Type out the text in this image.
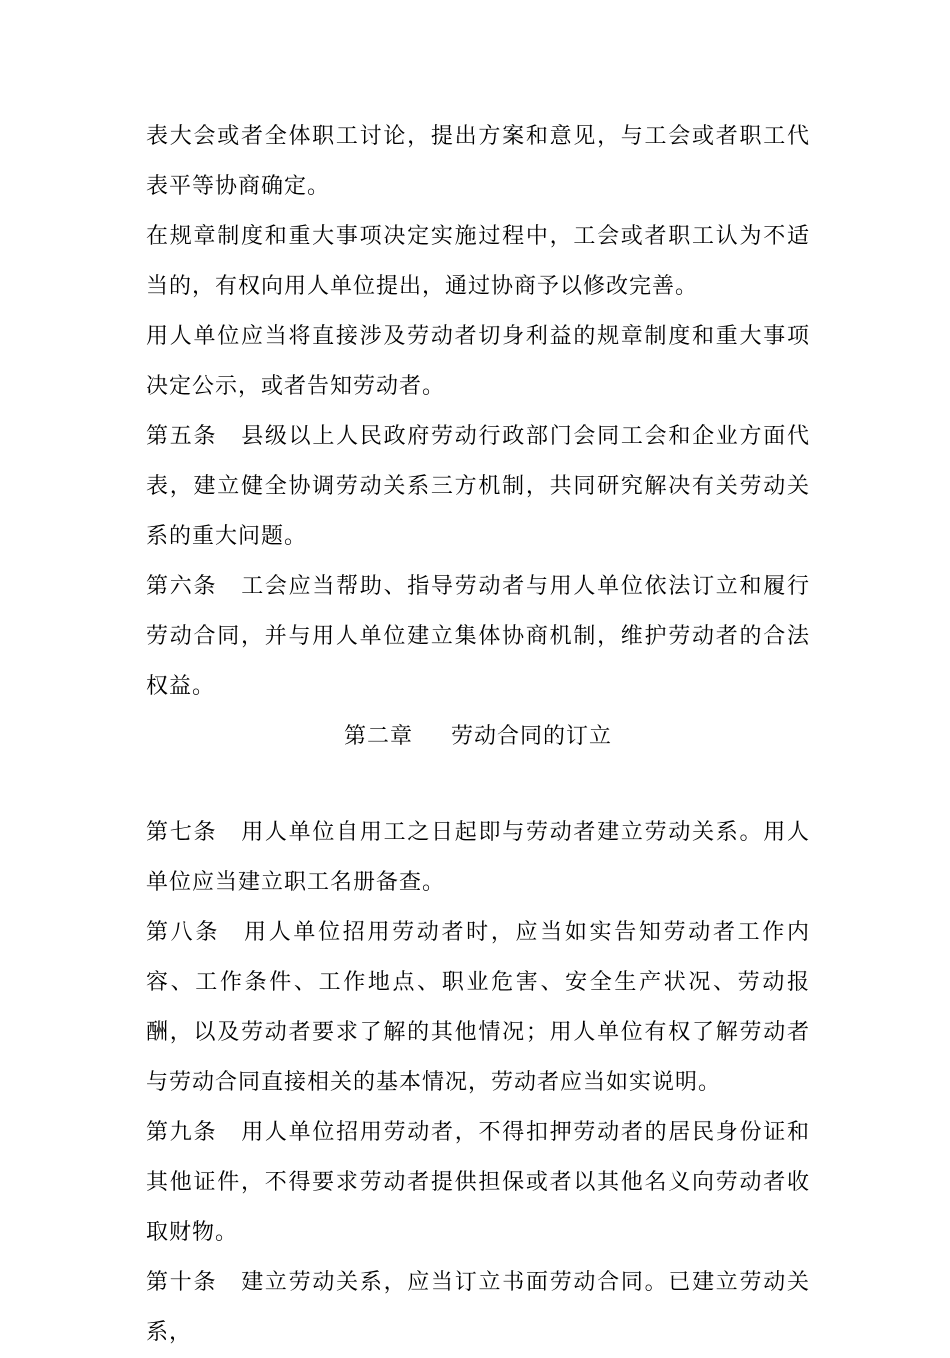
表大会或者全体职工讨论，提出方案和意见，与工会或者职工代表平等协商确定。

在规章制度和重大事项决定实施过程中，工会或者职工认为不适当的，有权向用人单位提出，通过协商予以修改完善。

用人单位应当将直接涉及劳动者切身利益的规章制度和重大事项决定公示，或者告知劳动者。

第五条 县级以上人民政府劳动行政部门会同工会和企业方面代表，建立健全协调劳动关系三方机制，共同研究解决有关劳动关系的重大问题。

第六条 工会应当帮助、指导劳动者与用人单位依法订立和履行劳动合同，并与用人单位建立集体协商机制，维护劳动者的合法权益。

第二章 劳动合同的订立

第七条 用人单位自用工之日起即与劳动者建立劳动关系。用人单位应当建立职工名册备查。

第八条 用人单位招用劳动者时，应当如实告知劳动者工作内容、工作条件、工作地点、职业危害、安全生产状况、劳动报酬，以及劳动者要求了解的其他情况；用人单位有权了解劳动者与劳动合同直接相关的基本情况，劳动者应当如实说明。

第九条 用人单位招用劳动者，不得扣押劳动者的居民身份证和其他证件，不得要求劳动者提供担保或者以其他名义向劳动者收取财物。

第十条 建立劳动关系，应当订立书面劳动合同。已建立劳动关系，
